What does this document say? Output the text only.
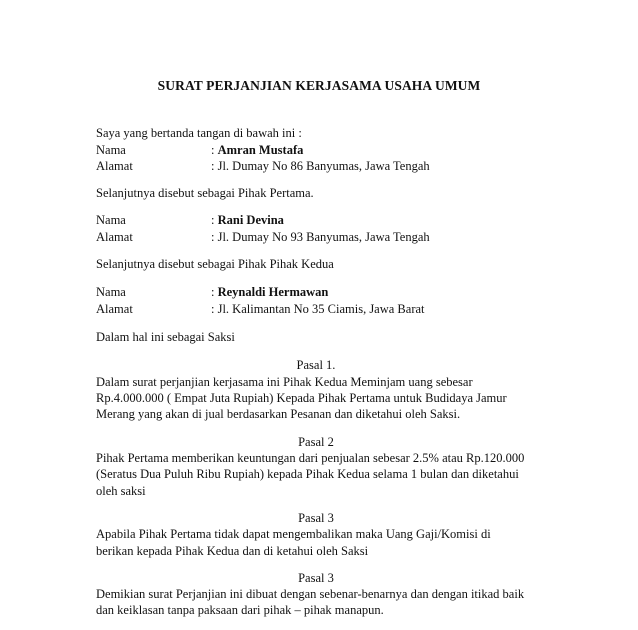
SURAT PERJANJIAN KERJASAMA USAHA UMUM
Saya yang bertanda tangan di bawah ini :
Nama	: Amran Mustafa
Alamat	: Jl. Dumay No 86 Banyumas, Jawa Tengah
Selanjutnya disebut sebagai Pihak Pertama.
Nama	: Rani Devina
Alamat	: Jl. Dumay No 93 Banyumas, Jawa Tengah
Selanjutnya disebut sebagai Pihak Pihak Kedua
Nama	: Reynaldi Hermawan
Alamat	: Jl. Kalimantan No 35 Ciamis, Jawa Barat
Dalam hal ini sebagai Saksi
Pasal 1.
Dalam surat perjanjian kerjasama ini Pihak Kedua Meminjam uang sebesar
Rp.4.000.000 ( Empat Juta Rupiah) Kepada Pihak Pertama untuk Budidaya Jamur
Merang yang akan di jual berdasarkan Pesanan dan diketahui oleh Saksi.
Pasal 2
Pihak Pertama memberikan keuntungan dari penjualan sebesar 2.5% atau Rp.120.000
(Seratus Dua Puluh Ribu Rupiah) kepada Pihak Kedua selama 1 bulan dan diketahui
oleh saksi
Pasal 3
Apabila Pihak Pertama tidak dapat mengembalikan maka Uang Gaji/Komisi di
berikan kepada Pihak Kedua dan di ketahui oleh Saksi
Pasal 3
Demikian surat Perjanjian ini dibuat dengan sebenar-benarnya dan dengan itikad baik
dan keiklasan tanpa paksaan dari pihak – pihak manapun.
